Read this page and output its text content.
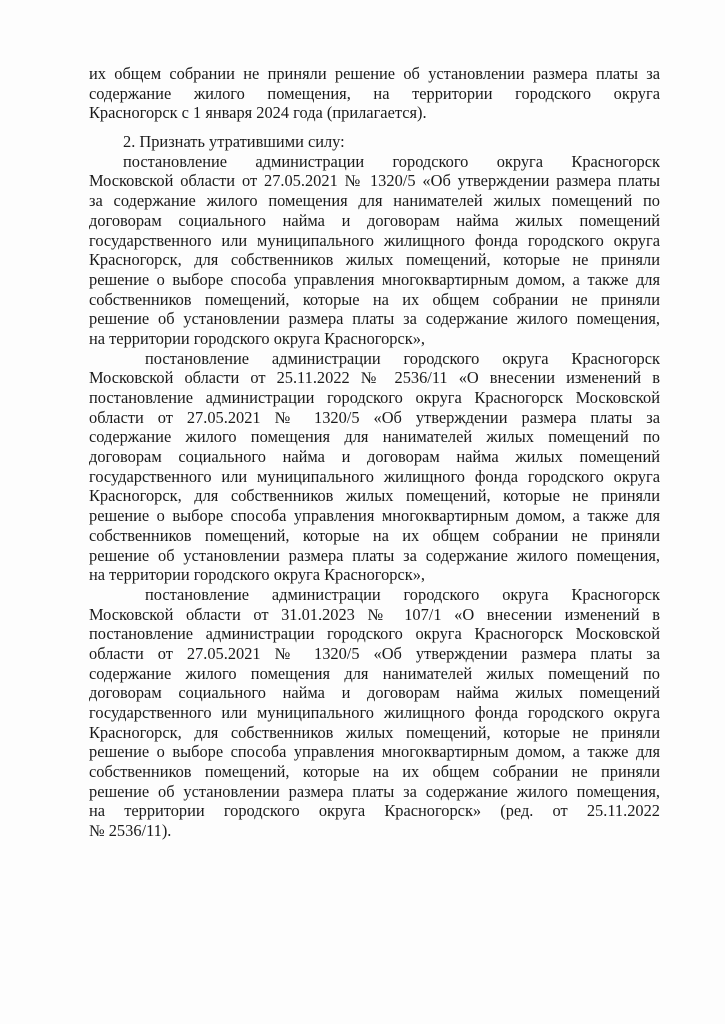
их общем собрании не приняли решение об установлении размера платы за
содержание жилого помещения, на территории городского округа
Красногорск с 1 января 2024 года (прилагается).
2. Признать утратившими силу:
постановление администрации городского округа Красногорск
Московской области от 27.05.2021 № 1320/5 «Об утверждении размера платы
за содержание жилого помещения для нанимателей жилых помещений по
договорам социального найма и договорам найма жилых помещений
государственного или муниципального жилищного фонда городского округа
Красногорск, для собственников жилых помещений, которые не приняли
решение о выборе способа управления многоквартирным домом, а также для
собственников помещений, которые на их общем собрании не приняли
решение об установлении размера платы за содержание жилого помещения,
на территории городского округа Красногорск»,
постановление администрации городского округа Красногорск
Московской области от 25.11.2022 № 2536/11 «О внесении изменений в
постановление администрации городского округа Красногорск Московской
области от 27.05.2021 № 1320/5 «Об утверждении размера платы за
содержание жилого помещения для нанимателей жилых помещений по
договорам социального найма и договорам найма жилых помещений
государственного или муниципального жилищного фонда городского округа
Красногорск, для собственников жилых помещений, которые не приняли
решение о выборе способа управления многоквартирным домом, а также для
собственников помещений, которые на их общем собрании не приняли
решение об установлении размера платы за содержание жилого помещения,
на территории городского округа Красногорск»,
постановление администрации городского округа Красногорск
Московской области от 31.01.2023 № 107/1 «О внесении изменений в
постановление администрации городского округа Красногорск Московской
области от 27.05.2021 № 1320/5 «Об утверждении размера платы за
содержание жилого помещения для нанимателей жилых помещений по
договорам социального найма и договорам найма жилых помещений
государственного или муниципального жилищного фонда городского округа
Красногорск, для собственников жилых помещений, которые не приняли
решение о выборе способа управления многоквартирным домом, а также для
собственников помещений, которые на их общем собрании не приняли
решение об установлении размера платы за содержание жилого помещения,
на территории городского округа Красногорск» (ред. от 25.11.2022
№ 2536/11).
